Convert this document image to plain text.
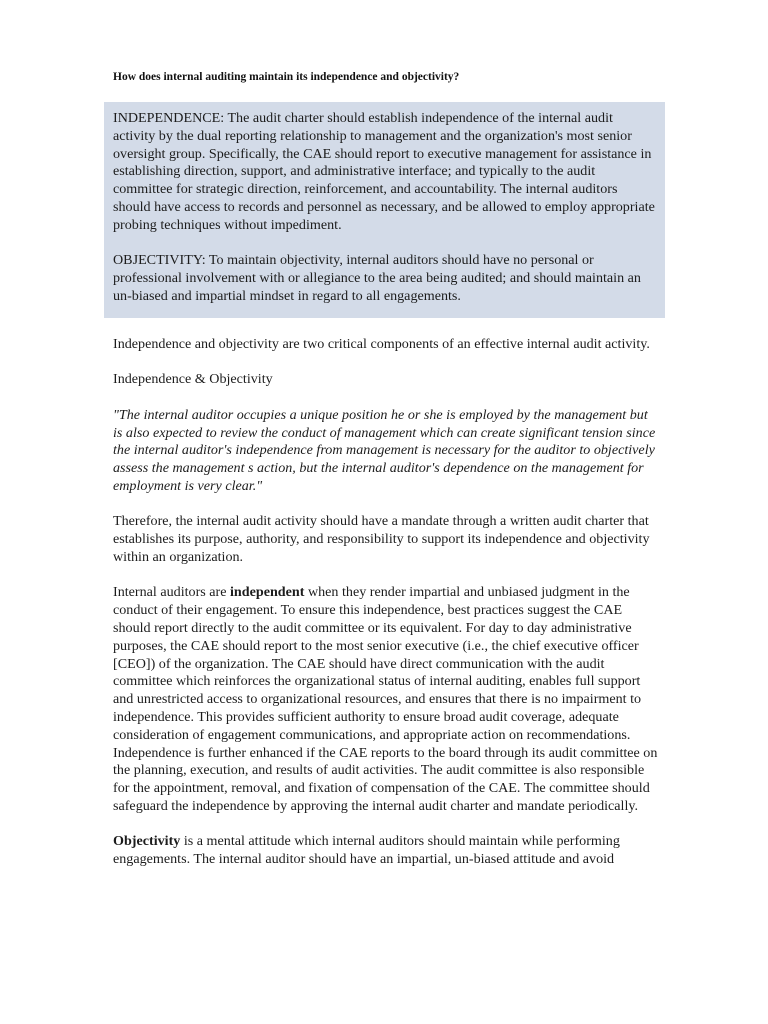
How does internal auditing maintain its independence and objectivity?

INDEPENDENCE: The audit charter should establish independence of the internal audit activity by the dual reporting relationship to management and the organization's most senior oversight group. Specifically, the CAE should report to executive management for assistance in establishing direction, support, and administrative interface; and typically to the audit committee for strategic direction, reinforcement, and accountability. The internal auditors should have access to records and personnel as necessary, and be allowed to employ appropriate probing techniques without impediment.

OBJECTIVITY: To maintain objectivity, internal auditors should have no personal or professional involvement with or allegiance to the area being audited; and should maintain an un-biased and impartial mindset in regard to all engagements.

Independence and objectivity are two critical components of an effective internal audit activity.

Independence & Objectivity

"The internal auditor occupies a unique position he or she is employed by the management but is also expected to review the conduct of management which can create significant tension since the internal auditor's independence from management is necessary for the auditor to objectively assess the management s action, but the internal auditor's dependence on the management for employment is very clear."

Therefore, the internal audit activity should have a mandate through a written audit charter that establishes its purpose, authority, and responsibility to support its independence and objectivity within an organization.

Internal auditors are independent when they render impartial and unbiased judgment in the conduct of their engagement. To ensure this independence, best practices suggest the CAE should report directly to the audit committee or its equivalent. For day to day administrative purposes, the CAE should report to the most senior executive (i.e., the chief executive officer [CEO]) of the organization. The CAE should have direct communication with the audit committee which reinforces the organizational status of internal auditing, enables full support and unrestricted access to organizational resources, and ensures that there is no impairment to independence. This provides sufficient authority to ensure broad audit coverage, adequate consideration of engagement communications, and appropriate action on recommendations. Independence is further enhanced if the CAE reports to the board through its audit committee on the planning, execution, and results of audit activities. The audit committee is also responsible for the appointment, removal, and fixation of compensation of the CAE. The committee should safeguard the independence by approving the internal audit charter and mandate periodically.

Objectivity is a mental attitude which internal auditors should maintain while performing engagements. The internal auditor should have an impartial, un-biased attitude and avoid
